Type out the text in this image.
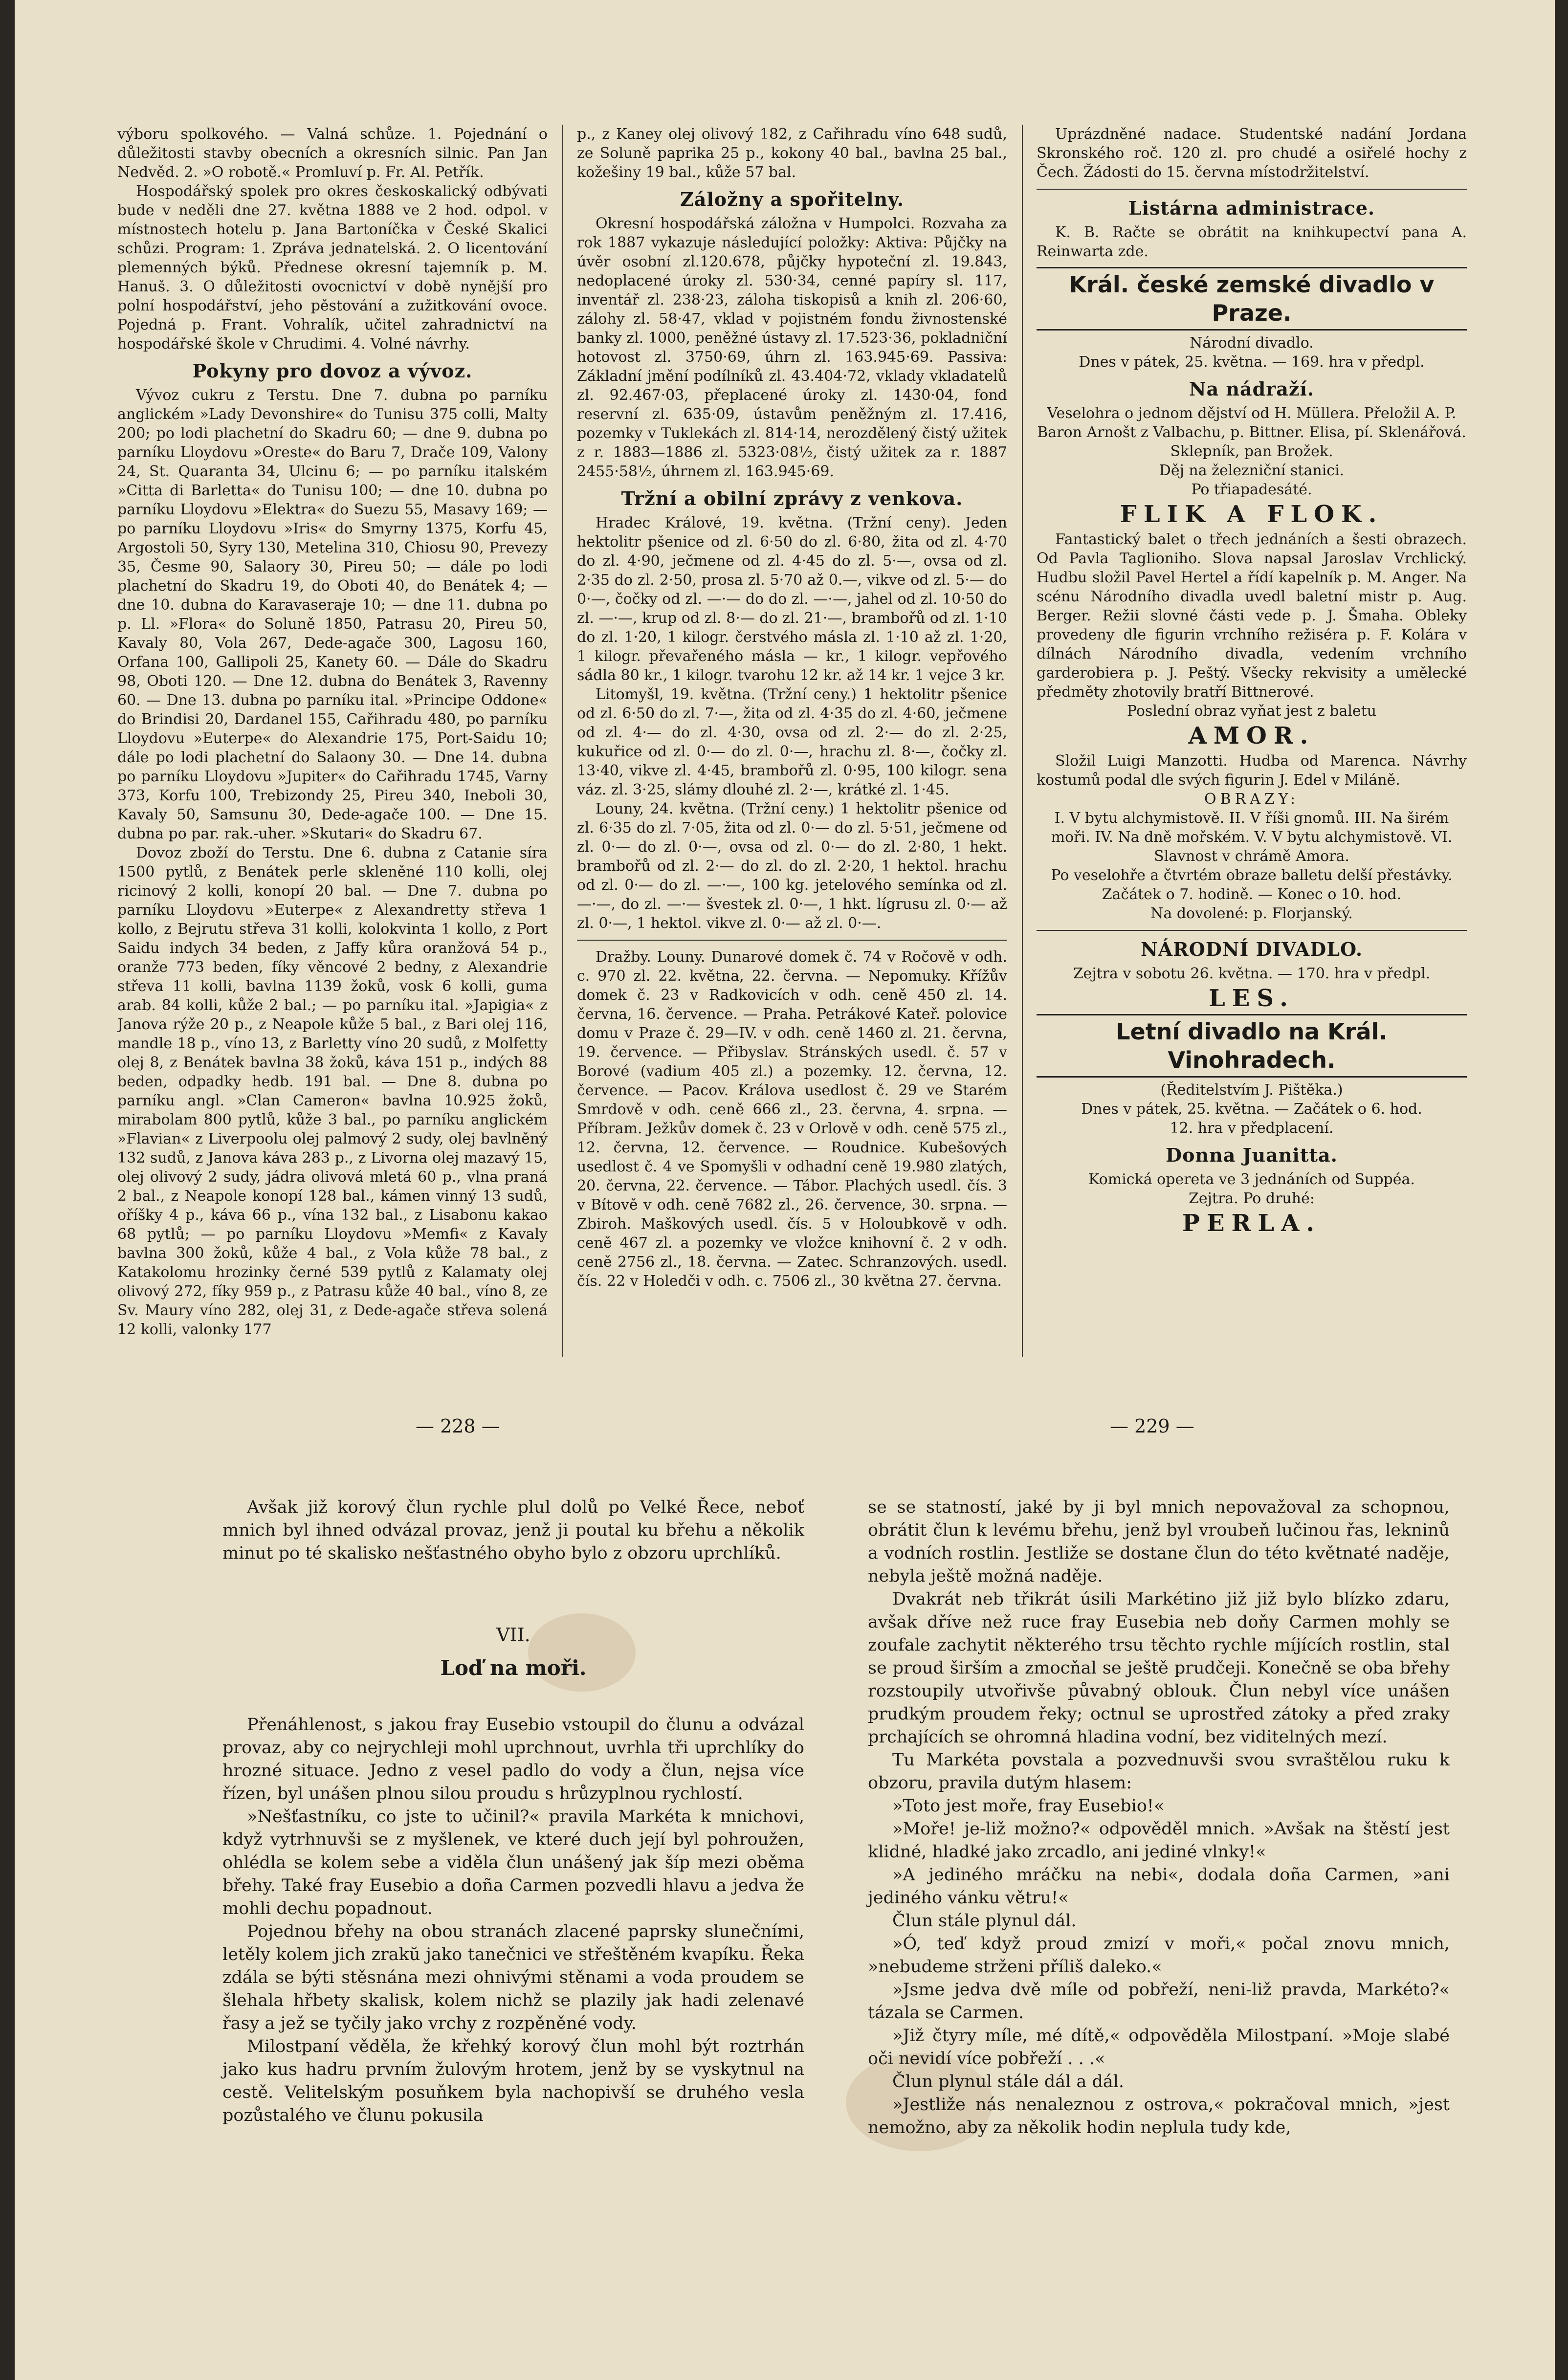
výboru spolkového. — Valná schůze. 1. Pojednání o důležitosti stavby obecních a okresních silnic. Pan Jan Nedvěd. 2. »O robotě.« Promluví p. Fr. Al. Petřík.

Hospodářský spolek pro okres českoskalický odbývati bude v neděli dne 27. května 1888 ve 2 hod. odpol. v místnostech hotelu p. Jana Bartoníčka v České Skalici schůzi. Program: 1. Zpráva jednatelská. 2. O licentování plemenných býků. Přednese okresní tajemník p. M. Hanuš. 3. O důležitosti ovocnictví v době nynější pro polní hospodářství, jeho pěstování a zužitkování ovoce. Pojedná p. Frant. Vohralík, učitel zahradnictví na hospodářské škole v Chrudimi. 4. Volné návrhy.

Pokyny pro dovoz a vývoz.

Vývoz cukru z Terstu. Dne 7. dubna po parníku anglickém »Lady Devonshire« do Tunisu 375 colli, Malty 200; po lodi plachetní do Skadru 60; — dne 9. dubna po parníku Lloydovu »Oreste« do Baru 7, Drače 109, Valony 24, St. Quaranta 34, Ulcinu 6; — po parníku italském »Citta di Barletta« do Tunisu 100; — dne 10. dubna po parníku Lloydovu »Elektra« do Suezu 55, Masavy 169; — po parníku Lloydovu »Iris« do Smyrny 1375, Korfu 45, Argostoli 50, Syry 130, Metelina 310, Chiosu 90, Prevezy 35, Česme 90, Salaory 30, Pireu 50; — dále po lodi plachetní do Skadru 19, do Oboti 40, do Benátek 4; — dne 10. dubna do Karavaseraje 10; — dne 11. dubna po p. Ll. »Flora« do Soluně 1850, Patrasu 20, Pireu 50, Kavaly 80, Vola 267, Dede-agače 300, Lagosu 160, Orfana 100, Gallipoli 25, Kanety 60. — Dále do Skadru 98, Oboti 120. — Dne 12. dubna do Benátek 3, Ravenny 60. — Dne 13. dubna po parníku ital. »Principe Oddone« do Brindisi 20, Dardanel 155, Cařihradu 480, po parníku Lloydovu »Euterpe« do Alexandrie 175, Port-Saidu 10; dále po lodi plachetní do Salaony 30. — Dne 14. dubna po parníku Lloydovu »Jupiter« do Cařihradu 1745, Varny 373, Korfu 100, Trebizondy 25, Pireu 340, Ineboli 30, Kavaly 50, Samsunu 30, Dede-agače 100. — Dne 15. dubna po par. rak.-uher. »Skutari« do Skadru 67.

Dovoz zboží do Terstu. Dne 6. dubna z Catanie síra 1500 pytlů, z Benátek perle skleněné 110 kolli, olej ricinový 2 kolli, konopí 20 bal. — Dne 7. dubna po parníku Lloydovu »Euterpe« z Alexandretty střeva 1 kollo, z Bejrutu střeva 31 kolli, kolokvinta 1 kollo, z Port Saidu indych 34 beden, z Jaffy kůra oranžová 54 p., oranže 773 beden, fíky věncové 2 bedny, z Alexandrie střeva 11 kolli, bavlna 1139 žoků, vosk 6 kolli, guma arab. 84 kolli, kůže 2 bal.; — po parníku ital. »Japigia« z Janova rýže 20 p., z Neapole kůže 5 bal., z Bari olej 116, mandle 18 p., víno 13, z Barletty víno 20 sudů, z Molfetty olej 8, z Benátek bavlna 38 žoků, káva 151 p., indých 88 beden, odpadky hedb. 191 bal. — Dne 8. dubna po parníku angl. »Clan Cameron« bavlna 10.925 žoků, mirabolam 800 pytlů, kůže 3 bal., po parníku anglickém »Flavian« z Liverpoolu olej palmový 2 sudy, olej bavlněný 132 sudů, z Janova káva 283 p., z Livorna olej mazavý 15, olej olivový 2 sudy, jádra olivová mletá 60 p., vlna praná 2 bal., z Neapole konopí 128 bal., kámen vinný 13 sudů, oříšky 4 p., káva 66 p., vína 132 bal., z Lisabonu kakao 68 pytlů; — po parníku Lloydovu »Memfi« z Kavaly bavlna 300 žoků, kůže 4 bal., z Vola kůže 78 bal., z Katakolomu hrozinky černé 539 pytlů z Kalamaty olej olivový 272, fíky 959 p., z Patrasu kůže 40 bal., víno 8, ze Sv. Maury víno 282, olej 31, z Dede-agače střeva solená 12 kolli, valonky 177

p., z Kaney olej olivový 182, z Cařihradu víno 648 sudů, ze Soluně paprika 25 p., kokony 40 bal., bavlna 25 bal., kožešiny 19 bal., kůže 57 bal.

Záložny a spořitelny.

Okresní hospodářská záložna v Humpolci. Rozvaha za rok 1887 vykazuje následující položky: Aktiva: Půjčky na úvěr osobní zl.120.678, půjčky hypoteční zl. 19.843, nedoplacené úroky zl. 530·34, cenné papíry sl. 117, inventář zl. 238·23, záloha tiskopisů a knih zl. 206·60, zálohy zl. 58·47, vklad v pojistném fondu živnostenské banky zl. 1000, peněžné ústavy zl. 17.523·36, pokladniční hotovost zl. 3750·69, úhrn zl. 163.945·69. Passiva: Základní jmění podílníků zl. 43.404·72, vklady vkladatelů zl. 92.467·03, přeplacené úroky zl. 1430·04, fond reservní zl. 635·09, ústavům peněžným zl. 17.416, pozemky v Tuklekách zl. 814·14, nerozdělený čistý užitek z r. 1883—1886 zl. 5323·08½, čistý užitek za r. 1887 2455·58½, úhrnem zl. 163.945·69.

Tržní a obilní zprávy z venkova.

Hradec Králové, 19. května. (Tržní ceny). Jeden hektolitr pšenice od zl. 6·50 do zl. 6·80, žita od zl. 4·70 do zl. 4·90, ječmene od zl. 4·45 do zl. 5·—, ovsa od zl. 2·35 do zl. 2·50, prosa zl. 5·70 až 0.—, vikve od zl. 5·— do 0·—, čočky od zl. —·— do do zl. —·—, jahel od zl. 10·50 do zl. —·—, krup od zl. 8·— do zl. 21·—, brambořů od zl. 1·10 do zl. 1·20, 1 kilogr. čerstvého másla zl. 1·10 až zl. 1·20, 1 kilogr. převařeného másla — kr., 1 kilogr. vepřového sádla 80 kr., 1 kilogr. tvarohu 12 kr. až 14 kr. 1 vejce 3 kr.

Litomyšl, 19. května. (Tržní ceny.) 1 hektolitr pšenice od zl. 6·50 do zl. 7·—, žita od zl. 4·35 do zl. 4·60, ječmene od zl. 4·— do zl. 4·30, ovsa od zl. 2·— do zl. 2·25, kukuřice od zl. 0·— do zl. 0·—, hrachu zl. 8·—, čočky zl. 13·40, vikve zl. 4·45, brambořů zl. 0·95, 100 kilogr. sena váz. zl. 3·25, slámy dlouhé zl. 2·—, krátké zl. 1·45.

Louny, 24. května. (Tržní ceny.) 1 hektolitr pšenice od zl. 6·35 do zl. 7·05, žita od zl. 0·— do zl. 5·51, ječmene od zl. 0·— do zl. 0·—, ovsa od zl. 0·— do zl. 2·80, 1 hekt. brambořů od zl. 2·— do zl. do zl. 2·20, 1 hektol. hrachu od zl. 0·— do zl. —·—, 100 kg. jetelového semínka od zl. —·—, do zl. —·— švestek zl. 0·—, 1 hkt. lígrusu zl. 0·— až zl. 0·—, 1 hektol. vikve zl. 0·— až zl. 0·—.

Dražby. Louny. Dunarové domek č. 74 v Ročově v odh. c. 970 zl. 22. května, 22. června. — Nepomuky. Křížův domek č. 23 v Radkovicích v odh. ceně 450 zl. 14. června, 16. července. — Praha. Petrákové Kateř. polovice domu v Praze č. 29—IV. v odh. ceně 1460 zl. 21. června, 19. července. — Přibyslav. Stránských usedl. č. 57 v Borové (vadium 405 zl.) a pozemky. 12. června, 12. července. — Pacov. Králova usedlost č. 29 ve Starém Smrdově v odh. ceně 666 zl., 23. června, 4. srpna. — Příbram. Ježkův domek č. 23 v Orlově v odh. ceně 575 zl., 12. června, 12. července. — Roudnice. Kubešových usedlost č. 4 ve Spomyšli v odhadní ceně 19.980 zlatých, 20. června, 22. července. — Tábor. Plachých usedl. čís. 3 v Bítově v odh. ceně 7682 zl., 26. července, 30. srpna. — Zbiroh. Maškových usedl. čís. 5 v Holoubkově v odh. ceně 467 zl. a pozemky ve vložce knihovní č. 2 v odh. ceně 2756 zl., 18. června. — Zatec. Schranzových. usedl. čís. 22 v Holedči v odh. c. 7506 zl., 30 května 27. června.

Uprázdněné nadace. Studentské nadání Jordana Skronského roč. 120 zl. pro chudé a osiřelé hochy z Čech. Žádosti do 15. června místodržitelství.

Listárna administrace.

K. B. Račte se obrátit na knihkupectví pana A. Reinwarta zde.

Král. české zemské divadlo v Praze.

Národní divadlo.

Dnes v pátek, 25. května. — 169. hra v předpl.

Na nádraží.

Veselohra o jednom dějství od H. Müllera. Přeložil A. P.

Baron Arnošt z Valbachu, p. Bittner. Elisa, pí. Sklenářová. Sklepník, pan Brožek.

Děj na železniční stanici.

Po třiapadesáté.

FLIK A FLOK.

Fantastický balet o třech jednáních a šesti obrazech. Od Pavla Taglioniho. Slova napsal Jaroslav Vrchlický. Hudbu složil Pavel Hertel a řídí kapelník p. M. Anger. Na scénu Národního divadla uvedl baletní mistr p. Aug. Berger. Režii slovné části vede p. J. Šmaha. Obleky provedeny dle figurin vrchního režiséra p. F. Kolára v dílnách Národního divadla, vedením vrchního garderobiera p. J. Peštý. Všecky rekvisity a umělecké předměty zhotovily bratří Bittnerové.

Poslední obraz vyňat jest z baletu

AMOR.

Složil Luigi Manzotti. Hudba od Marenca. Návrhy kostumů podal dle svých figurin J. Edel v Miláně.

OBRAZY:

I. V bytu alchymistově. II. V říši gnomů. III. Na širém moři. IV. Na dně mořském. V. V bytu alchymistově. VI. Slavnost v chrámě Amora.

Po veselohře a čtvrtém obraze balletu delší přestávky.

Začátek o 7. hodině. — Konec o 10. hod.

Na dovolené: p. Florjanský.

NÁRODNÍ DIVADLO.

Zejtra v sobotu 26. května. — 170. hra v předpl.

LES.

Letní divadlo na Král. Vinohradech.

(Ředitelstvím J. Pištěka.)

Dnes v pátek, 25. května. — Začátek o 6. hod.

12. hra v předplacení.

Donna Juanitta.

Komická opereta ve 3 jednáních od Suppéa.

Zejtra. Po druhé:

PERLA.

— 228 —	— 229 —

Avšak již korový člun rychle plul dolů po Velké Řece, neboť mnich byl ihned odvázal provaz, jenž ji poutal ku břehu a několik minut po té skalisko nešťastného obyho bylo z obzoru uprchlíků.

VII.

Loď na moři.

Přenáhlenost, s jakou fray Eusebio vstoupil do člunu a odvázal provaz, aby co nejrychleji mohl uprchnout, uvrhla tři uprchlíky do hrozné situace. Jedno z vesel padlo do vody a člun, nejsa více řízen, byl unášen plnou silou proudu s hrůzyplnou rychlostí.

»Nešťastníku, co jste to učinil?« pravila Markéta k mnichovi, když vytrhnuvši se z myšlenek, ve které duch její byl pohroužen, ohlédla se kolem sebe a viděla člun unášený jak šíp mezi oběma břehy. Také fray Eusebio a doña Carmen pozvedli hlavu a jedva že mohli dechu popadnout.

Pojednou břehy na obou stranách zlacené paprsky slunečními, letěly kolem jich zrakŭ jako tanečnici ve střeštěném kvapíku. Řeka zdála se býti stěsnána mezi ohnivými stěnami a voda proudem se šlehala hřbety skalisk, kolem nichž se plazily jak hadi zelenavé řasy a jež se tyčily jako vrchy z rozpěněné vody.

Milostpaní věděla, že křehký korový člun mohl být roztrhán jako kus hadru prvním žulovým hrotem, jenž by se vyskytnul na cestě. Velitelským posuňkem byla nachopivší se druhého vesla pozůstalého ve člunu pokusila

se se statností, jaké by ji byl mnich nepovažoval za schopnou, obrátit člun k levému břehu, jenž byl vroubeň lučinou řas, lekninů a vodních rostlin. Jestliže se dostane člun do této květnaté naděje, nebyla ještě možná naděje.

Dvakrát neb třikrát úsili Markétino již již bylo blízko zdaru, avšak dříve než ruce fray Eusebia neb doňy Carmen mohly se zoufale zachytit některého trsu těchto rychle míjících rostlin, stal se proud širším a zmocňal se ještě prudčeji. Konečně se oba břehy rozstoupily utvořivše půvabný oblouk. Člun nebyl více unášen prudkým proudem řeky; octnul se uprostřed zátoky a před zraky prchajících se ohromná hladina vodní, bez viditelných mezí.

Tu Markéta povstala a pozvednuvši svou svraštělou ruku k obzoru, pravila dutým hlasem:

»Toto jest moře, fray Eusebio!«

»Moře! je-liž možno?« odpověděl mnich. »Avšak na štěstí jest klidné, hladké jako zrcadlo, ani jediné vlnky!«

»A jediného mráčku na nebi«, dodala doña Carmen, »ani jediného vánku větru!«

Člun stále plynul dál.

»Ó, teď když proud zmizí v moři,« počal znovu mnich, »nebudeme strženi příliš daleko.«

»Jsme jedva dvě míle od pobřeží, neni-liž pravda, Markéto?« tázala se Carmen.

»Již čtyry míle, mé dítě,« odpověděla Milostpaní. »Moje slabé oči nevidí více pobřeží . . .«

Člun plynul stále dál a dál.

»Jestliže nás nenaleznou z ostrova,« pokračoval mnich, »jest nemožno, aby za několik hodin neplula tudy kde,
